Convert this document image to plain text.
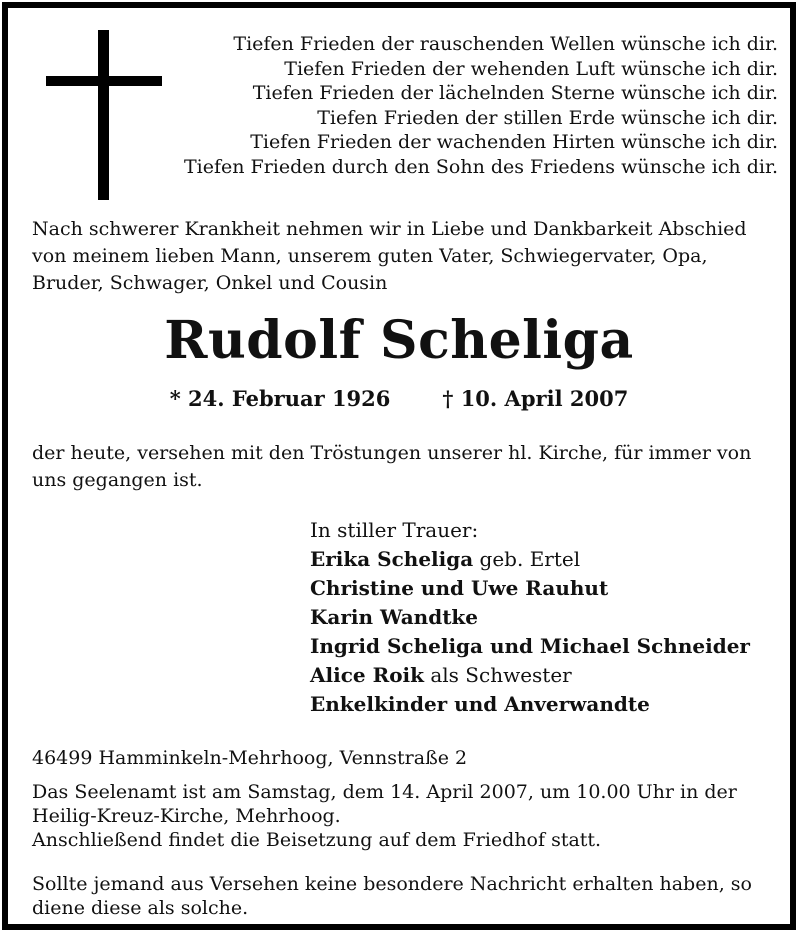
Tiefen Frieden der rauschenden Wellen wünsche ich dir.
Tiefen Frieden der wehenden Luft wünsche ich dir.
Tiefen Frieden der lächelnden Sterne wünsche ich dir.
Tiefen Frieden der stillen Erde wünsche ich dir.
Tiefen Frieden der wachenden Hirten wünsche ich dir.
Tiefen Frieden durch den Sohn des Friedens wünsche ich dir.
Nach schwerer Krankheit nehmen wir in Liebe und Dankbarkeit Abschied
von meinem lieben Mann, unserem guten Vater, Schwiegervater, Opa,
Bruder, Schwager, Onkel und Cousin
Rudolf Scheliga
* 24. Februar 1926 † 10. April 2007
der heute, versehen mit den Tröstungen unserer hl. Kirche, für immer von
uns gegangen ist.
In stiller Trauer:
Erika Scheliga geb. Ertel
Christine und Uwe Rauhut
Karin Wandtke
Ingrid Scheliga und Michael Schneider
Alice Roik als Schwester
Enkelkinder und Anverwandte
46499 Hamminkeln-Mehrhoog, Vennstraße 2
Das Seelenamt ist am Samstag, dem 14. April 2007, um 10.00 Uhr in der
Heilig-Kreuz-Kirche, Mehrhoog.
Anschließend findet die Beisetzung auf dem Friedhof statt.
Sollte jemand aus Versehen keine besondere Nachricht erhalten haben, so
diene diese als solche.
